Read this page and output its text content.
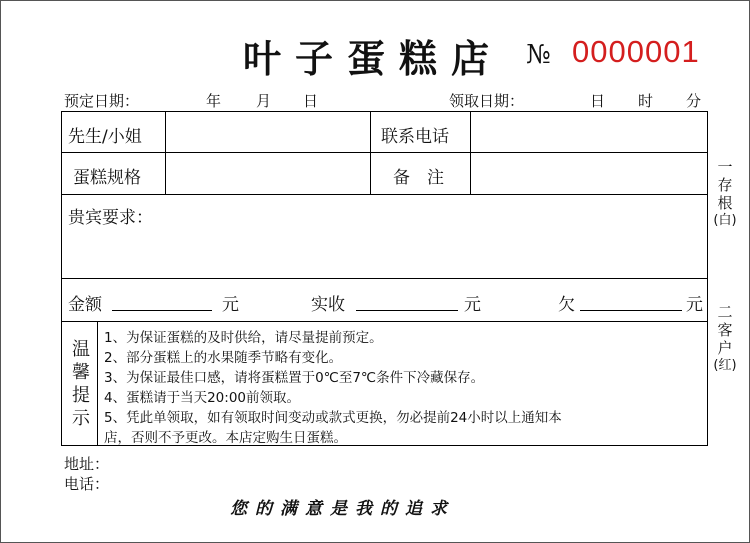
叶子蛋糕店 № 0000001
预定日期：	年 月 日	领取日期：	日 时 分
先生/小姐	联系电话
蛋糕规格	备　注
贵宾要求：
金额	元	实收	元	欠	元
温
馨
提
示
1、为保证蛋糕的及时供给，请尽量提前预定。
2、部分蛋糕上的水果随季节略有变化。
3、为保证最佳口感，请将蛋糕置于0℃至7℃条件下冷藏保存。
4、蛋糕请于当天20:00前领取。
5、凭此单领取，如有领取时间变动或款式更换，勿必提前24小时以上通知本
店，否则不予更改。本店定购生日蛋糕。
一
存
根
(白)
二
客
户
(红)
地址：
电话：
您的满意是我的追求
